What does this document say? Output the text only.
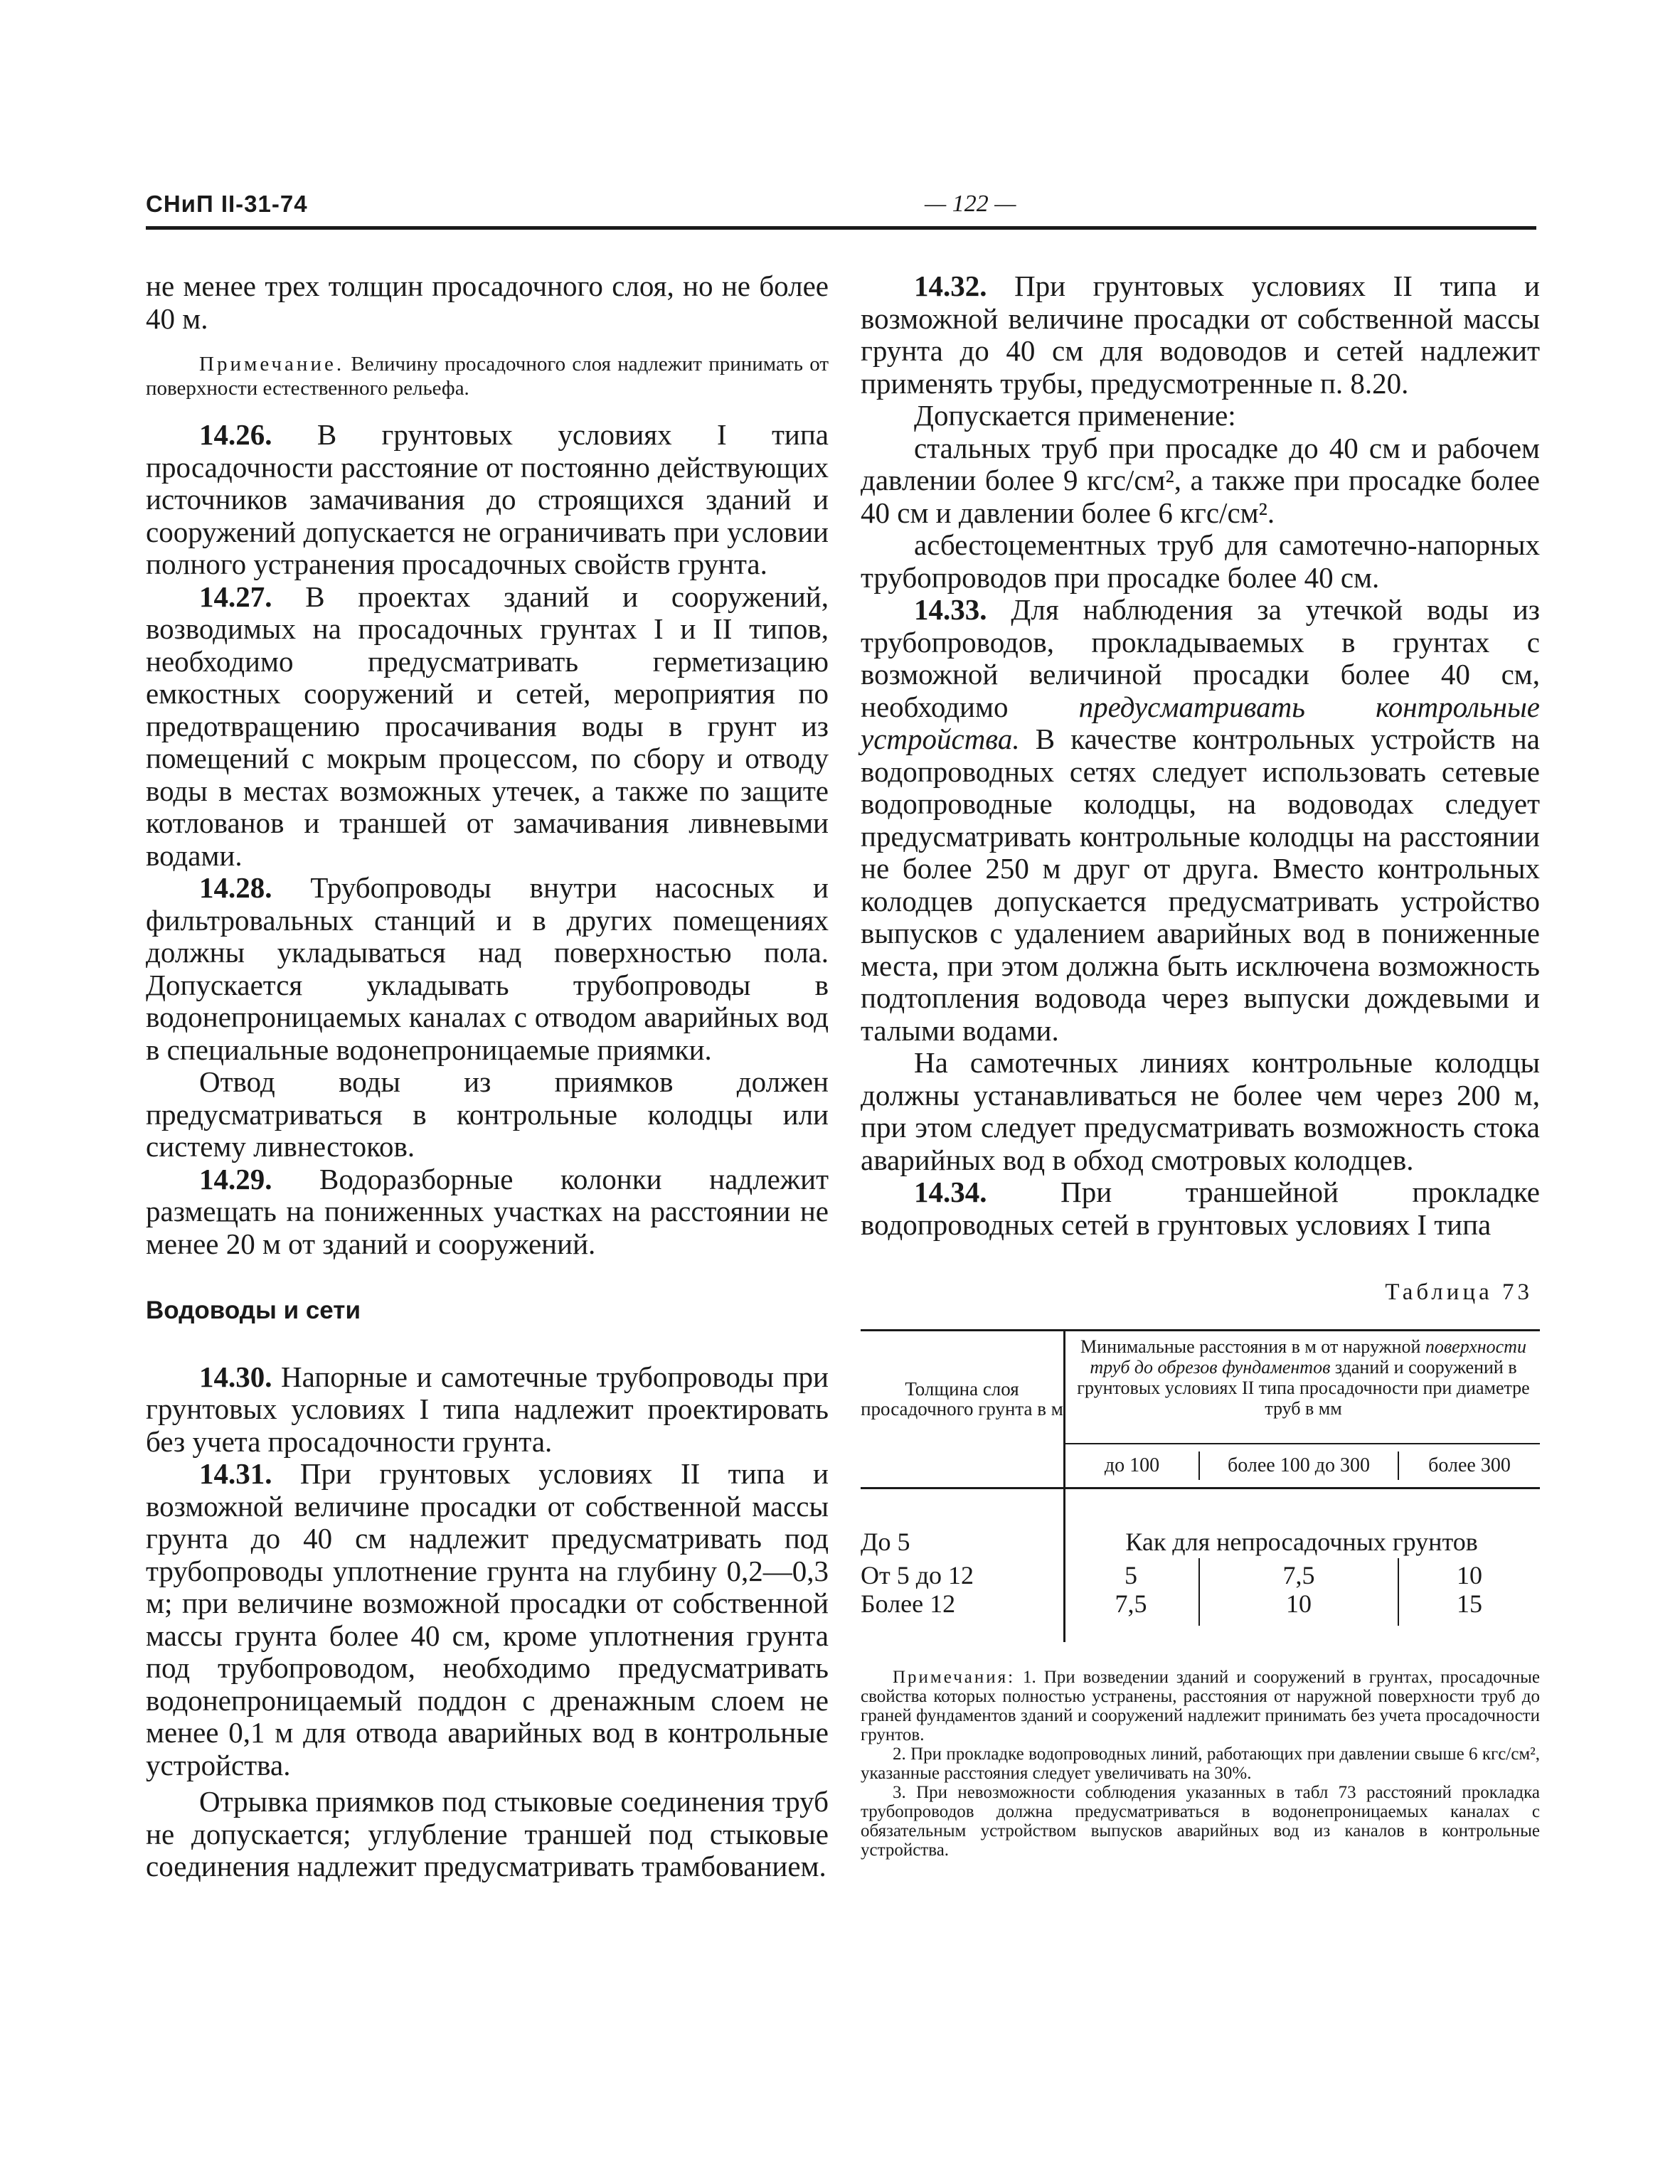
СНиП II-31-74	— 122 —

не менее трех толщин просадочного слоя, но не более 40 м.

Примечание. Величину просадочного слоя надлежит принимать от поверхности естественного рельефа.

14.26. В грунтовых условиях I типа просадочности расстояние от постоянно действующих источников замачивания до строящихся зданий и сооружений допускается не ограничивать при условии полного устранения просадочных свойств грунта.

14.27. В проектах зданий и сооружений, возводимых на просадочных грунтах I и II типов, необходимо предусматривать герметизацию емкостных сооружений и сетей, мероприятия по предотвращению просачивания воды в грунт из помещений с мокрым процессом, по сбору и отводу воды в местах возможных утечек, а также по защите котлованов и траншей от замачивания ливневыми водами.

14.28. Трубопроводы внутри насосных и фильтровальных станций и в других помещениях должны укладываться над поверхностью пола. Допускается укладывать трубопроводы в водонепроницаемых каналах с отводом аварийных вод в специальные водонепроницаемые приямки.

Отвод воды из приямков должен предусматриваться в контрольные колодцы или систему ливнестоков.

14.29. Водоразборные колонки надлежит размещать на пониженных участках на расстоянии не менее 20 м от зданий и сооружений.

Водоводы и сети

14.30. Напорные и самотечные трубопроводы при грунтовых условиях I типа надлежит проектировать без учета просадочности грунта.

14.31. При грунтовых условиях II типа и возможной величине просадки от собственной массы грунта до 40 см надлежит предусматривать под трубопроводы уплотнение грунта на глубину 0,2—0,3 м; при величине возможной просадки от собственной массы грунта более 40 см, кроме уплотнения грунта под трубопроводом, необходимо предусматривать водонепроницаемый поддон с дренажным слоем не менее 0,1 м для отвода аварийных вод в контрольные устройства.

Отрывка приямков под стыковые соединения труб не допускается; углубление траншей под стыковые соединения надлежит предусматривать трамбованием.

14.32. При грунтовых условиях II типа и возможной величине просадки от собственной массы грунта до 40 см для водоводов и сетей надлежит применять трубы, предусмотренные п. 8.20.

Допускается применение:

стальных труб при просадке до 40 см и рабочем давлении более 9 кгс/см², а также при просадке более 40 см и давлении более 6 кгс/см².

асбестоцементных труб для самотечно-напорных трубопроводов при просадке более 40 см.

14.33. Для наблюдения за утечкой воды из трубопроводов, прокладываемых в грунтах с возможной величиной просадки более 40 см, необходимо предусматривать контрольные устройства. В качестве контрольных устройств на водопроводных сетях следует использовать сетевые водопроводные колодцы, на водоводах следует предусматривать контрольные колодцы на расстоянии не более 250 м друг от друга. Вместо контрольных колодцев допускается предусматривать устройство выпусков с удалением аварийных вод в пониженные места, при этом должна быть исключена возможность подтопления водовода через выпуски дождевыми и талыми водами.

На самотечных линиях контрольные колодцы должны устанавливаться не более чем через 200 м, при этом следует предусматривать возможность стока аварийных вод в обход смотровых колодцев.

14.34. При траншейной прокладке водопроводных сетей в грунтовых условиях I типа

Таблица 73

Толщина слоя просадочного грунта в м
Минимальные расстояния в м от наружной поверхности труб до обрезов фундаментов зданий и сооружений в грунтовых условиях II типа просадочности при диаметре труб в мм
до 100	более 100 до 300	более 300
До 5	Как для непросадочных грунтов
От 5 до 12	5	7,5	10
Более 12	7,5	10	15

Примечания: 1. При возведении зданий и сооружений в грунтах, просадочные свойства которых полностью устранены, расстояния от наружной поверхности труб до граней фундаментов зданий и сооружений надлежит принимать без учета просадочности грунтов.

2. При прокладке водопроводных линий, работающих при давлении свыше 6 кгс/см², указанные расстояния следует увеличивать на 30%.

3. При невозможности соблюдения указанных в табл 73 расстояний прокладка трубопроводов должна предусматриваться в водонепроницаемых каналах с обязательным устройством выпусков аварийных вод из каналов в контрольные устройства.
